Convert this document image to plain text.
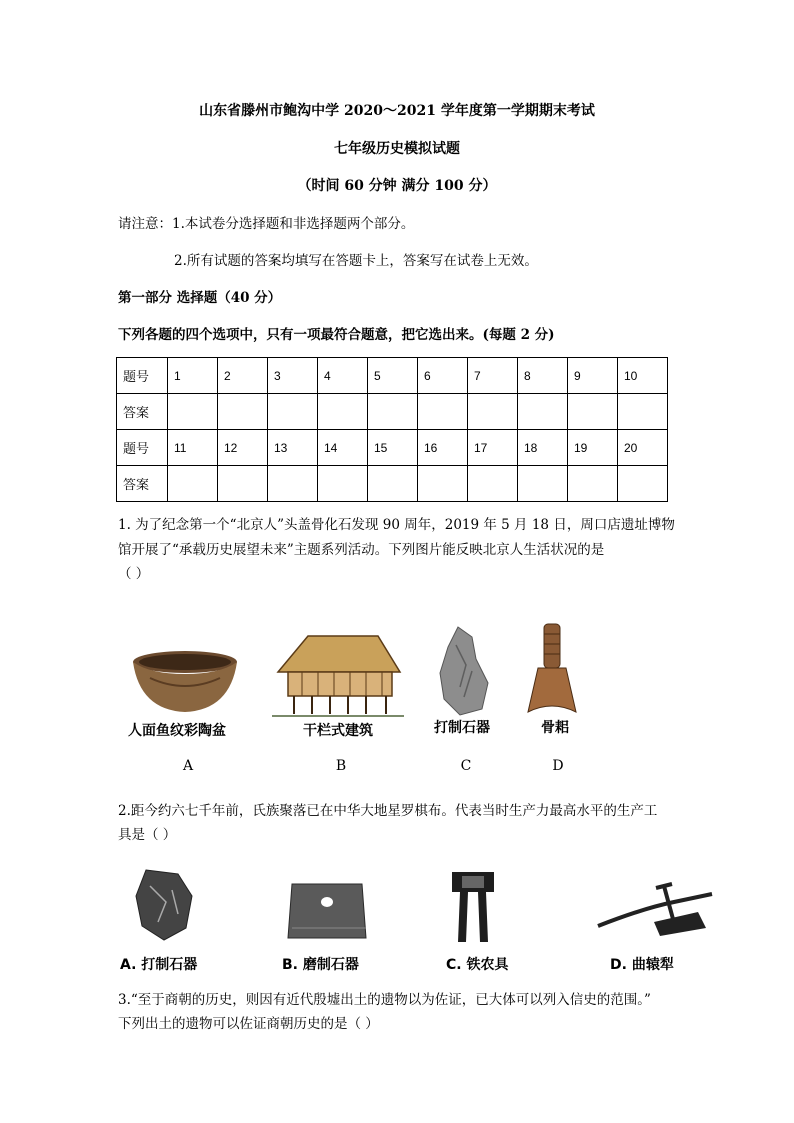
山东省滕州市鲍沟中学 2020～2021 学年度第一学期期末考试
七年级历史模拟试题
（时间 60 分钟 满分 100 分）
请注意：1.本试卷分选择题和非选择题两个部分。
2.所有试题的答案均填写在答题卡上，答案写在试卷上无效。
第一部分 选择题（40 分）
下列各题的四个选项中，只有一项最符合题意，把它选出来。(每题 2 分)
题号	1	2	3	4	5	6	7	8	9	10
答案										
题号	11	12	13	14	15	16	17	18	19	20
答案										
1. 为了纪念第一个“北京人”头盖骨化石发现 90 周年，2019 年 5 月 18 日，周口店遗址博物
馆开展了“承载历史展望未来”主题系列活动。下列图片能反映北京人生活状况的是
（ ）
人面鱼纹彩陶盆	干栏式建筑	打制石器	骨耜
A	B	C	D
2.距今约六七千年前，氏族聚落已在中华大地星罗棋布。代表当时生产力最高水平的生产工
具是（ ）
A. 打制石器	B. 磨制石器	C. 铁农具	D. 曲辕犁
3.“至于商朝的历史，则因有近代殷墟出土的遗物以为佐证，已大体可以列入信史的范围。”
下列出土的遗物可以佐证商朝历史的是（ ）
